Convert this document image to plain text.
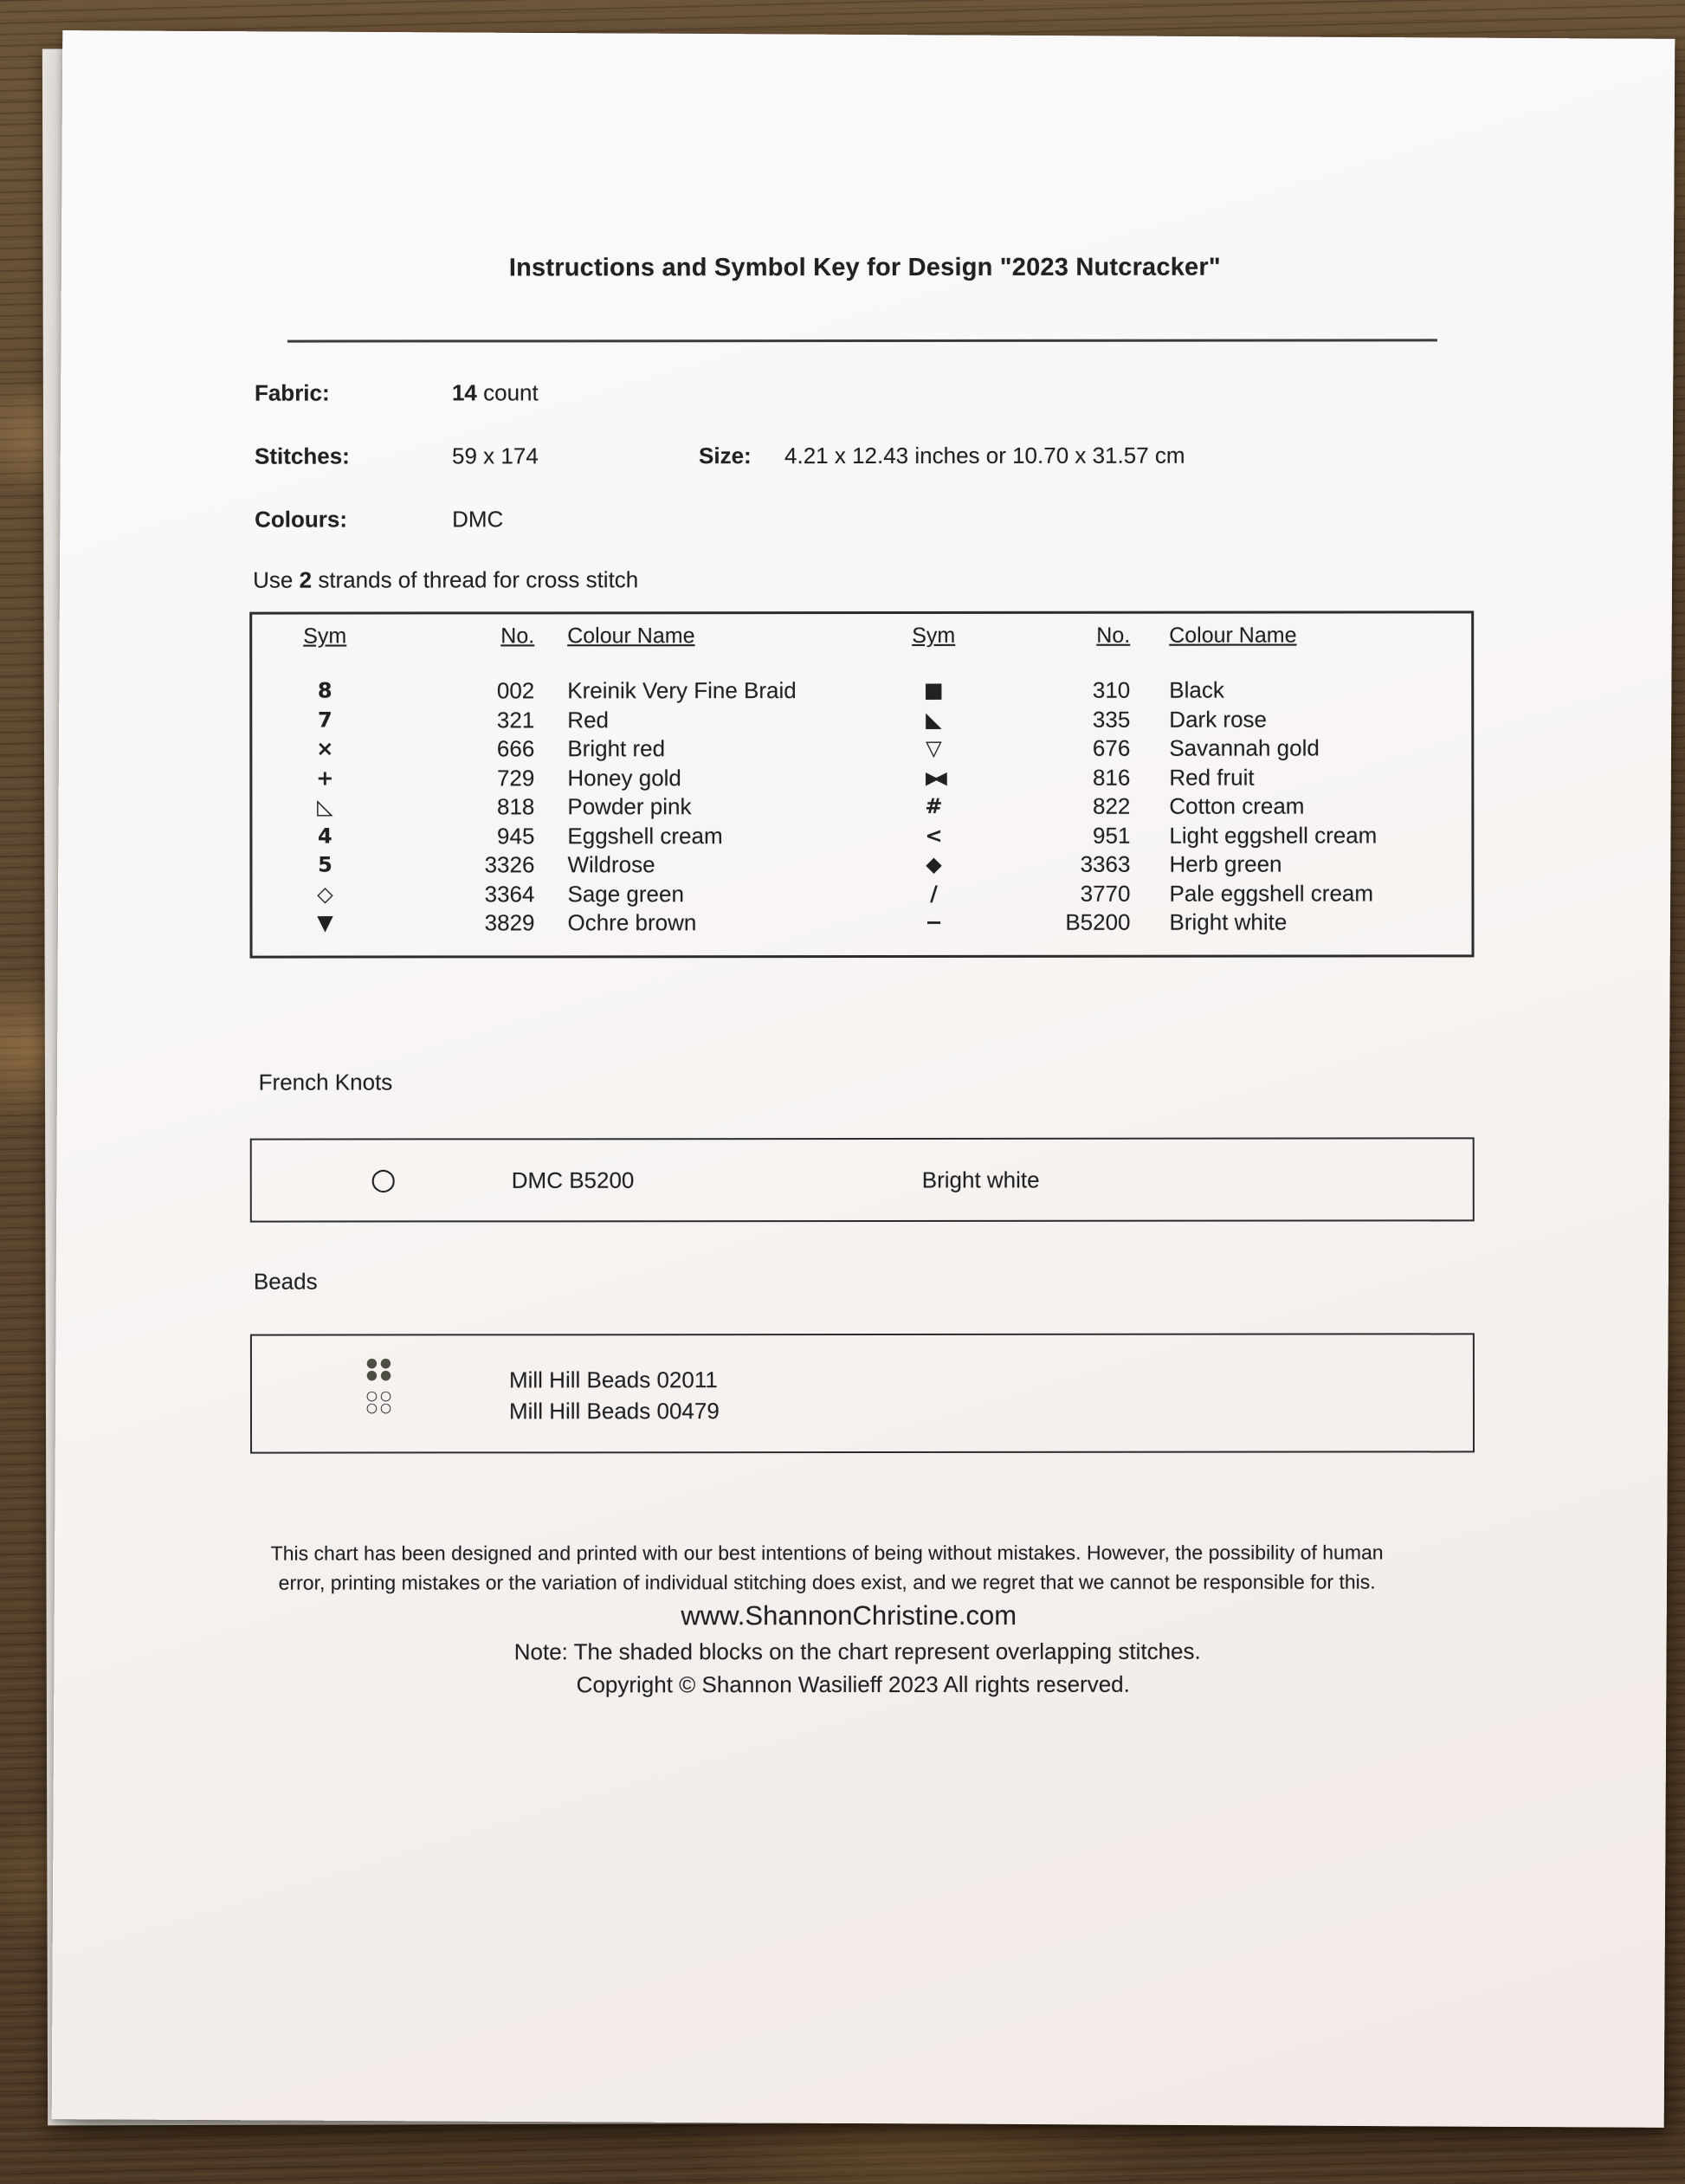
Instructions and Symbol Key for Design "2023 Nutcracker"
Fabric:	14 count
Stitches:	59 x 174	Size: 4.21 x 12.43 inches or 10.70 x 31.57 cm
Colours:	DMC
Use 2 strands of thread for cross stitch
Sym	No. Colour Name	Sym	No. Colour Name
8	002 Kreinik Very Fine Braid	■	310 Black
7	321 Red	◣	335 Dark rose
×	666 Bright red	▽	676 Savannah gold
+	729 Honey gold	▶◀	816 Red fruit
◺	818 Powder pink	#	822 Cotton cream
4	945 Eggshell cream	<	951 Light eggshell cream
5	3326 Wildrose	◆	3363 Herb green
◇	3364 Sage green	/	3770 Pale eggshell cream
▼	3829 Ochre brown	−	B5200 Bright white
French Knots
○	DMC B5200	Bright white
Beads
●●
●●	Mill Hill Beads 02011
○○
○○	Mill Hill Beads 00479
This chart has been designed and printed with our best intentions of being without mistakes. However, the possibility of human
error, printing mistakes or the variation of individual stitching does exist, and we regret that we cannot be responsible for this.
www.ShannonChristine.com
Note: The shaded blocks on the chart represent overlapping stitches.
Copyright © Shannon Wasilieff 2023 All rights reserved.
